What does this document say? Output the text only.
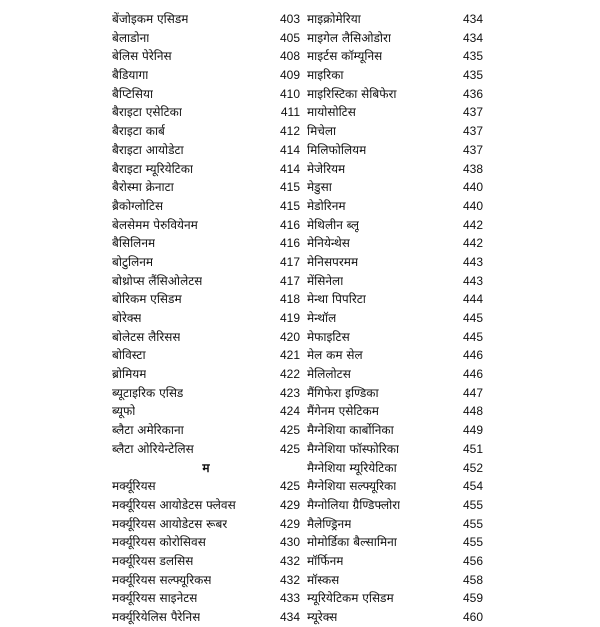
बेंजोइकम एसिडम	403
बेलाडोना	405
बेलिस पेरेनिस	408
बैडियागा	409
बैप्टिसिया	410
बैराइटा एसेटिका	411
बैराइटा कार्ब	412
बैराइटा आयोडेटा	414
बैराइटा म्यूरियेटिका	414
बैरोस्मा क्रेनाटा	415
ब्रैकोग्लोटिस	415
बेलसेमम पेरुवियेनम	416
बैसिलिनम	416
बोटुलिनम	417
बोथ्रोप्स लैंसिओलेटस	417
बोरिकम एसिडम	418
बोरेक्स	419
बोलेटस लैरिसस	420
बोविस्टा	421
ब्रोमियम	422
ब्यूटाइरिक एसिड	423
ब्यूफो	424
ब्लैटा अमेरिकाना	425
ब्लैटा ओरियेन्टेलिस	425
म
मर्क्यूरियस	425
मर्क्यूरियस आयोडेटस फ्लेवस	429
मर्क्यूरियस आयोडेटस रूबर	429
मर्क्यूरियस कोरोसिवस	430
मर्क्यूरियस डलसिस	432
मर्क्यूरियस सल्फ्यूरिकस	432
मर्क्यूरियस साइनेटस	433
मर्क्यूरियेलिस पैरेनिस	434
माइक्रोमेरिया	434
माइगेल लैसिओडोरा	434
माइर्टस कॉम्यूनिस	435
माइरिका	435
माइरिस्टिका सेबिफेरा	436
मायोसोटिस	437
मिचेला	437
मिलिफोलियम	437
मेजेरियम	438
मेडुसा	440
मेडोरिनम	440
मेथिलीन ब्लू	442
मेनियेन्थेस	442
मेनिसपरमम	443
मेंसिनेला	443
मेन्था पिपरिटा	444
मेन्थॉल	445
मेफाइटिस	445
मेल कम सेल	446
मेलिलोटस	446
मैंगिफेरा इण्डिका	447
मैंगेनम एसेटिकम	448
मैग्नेशिया कार्बोनिका	449
मैग्नेशिया फॉस्फोरिका	451
मैग्नेशिया म्यूरियेटिका	452
मैग्नेशिया सल्फ्यूरिका	454
मैग्नोलिया ग्रैण्डिफ्लोरा	455
मैलेण्ड्रिनम	455
मोमोर्डिका बैल्सामिना	455
मॉर्फिनम	456
मॉस्कस	458
म्यूरियेटिकम एसिडम	459
म्यूरेक्स	460
